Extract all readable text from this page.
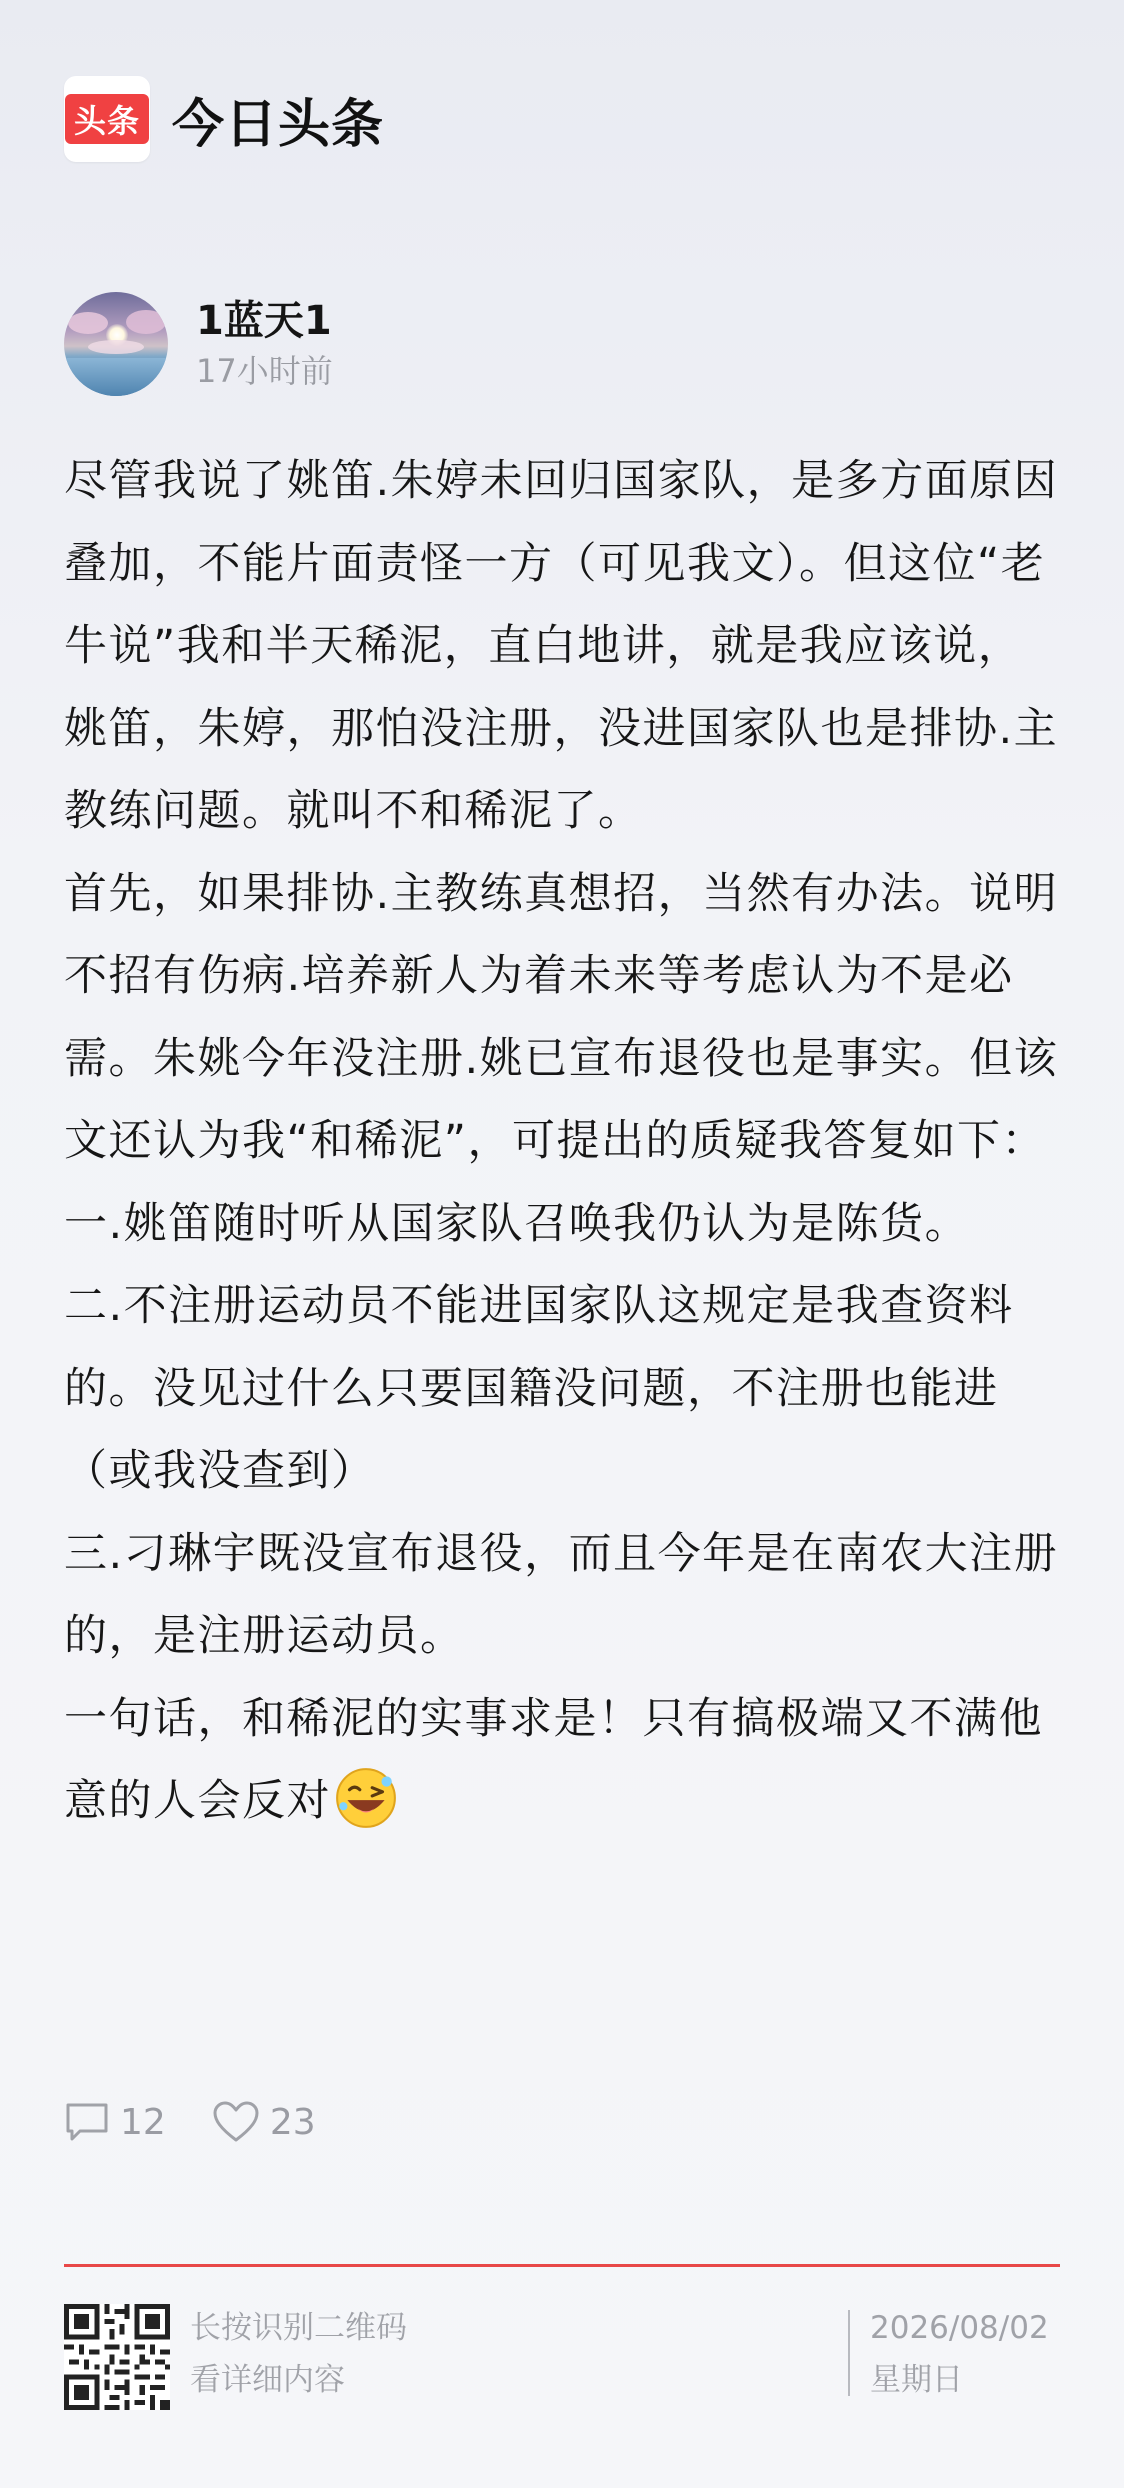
头条 今日头条
1蓝天1
17小时前

尽管我说了姚笛.朱婷未回归国家队，是多方面原因叠加，不能片面责怪一方（可见我文）。但这位“老牛说”我和半天稀泥，直白地讲，就是我应该说，姚笛，朱婷，那怕没注册，没进国家队也是排协.主教练问题。就叫不和稀泥了。

首先，如果排协.主教练真想招，当然有办法。说明不招有伤病.培养新人为着未来等考虑认为不是必需。朱姚今年没注册.姚已宣布退役也是事实。但该文还认为我“和稀泥”，可提出的质疑我答复如下：

一.姚笛随时听从国家队召唤我仍认为是陈货。

二.不注册运动员不能进国家队这规定是我查资料的。没见过什么只要国籍没问题，不注册也能进（或我没查到）

三.刁琳宇既没宣布退役，而且今年是在南农大注册的，是注册运动员。

一句话，和稀泥的实事求是！只有搞极端又不满他意的人会反对

12	23
长按识别二维码
看详细内容
2026/08/02
星期日
